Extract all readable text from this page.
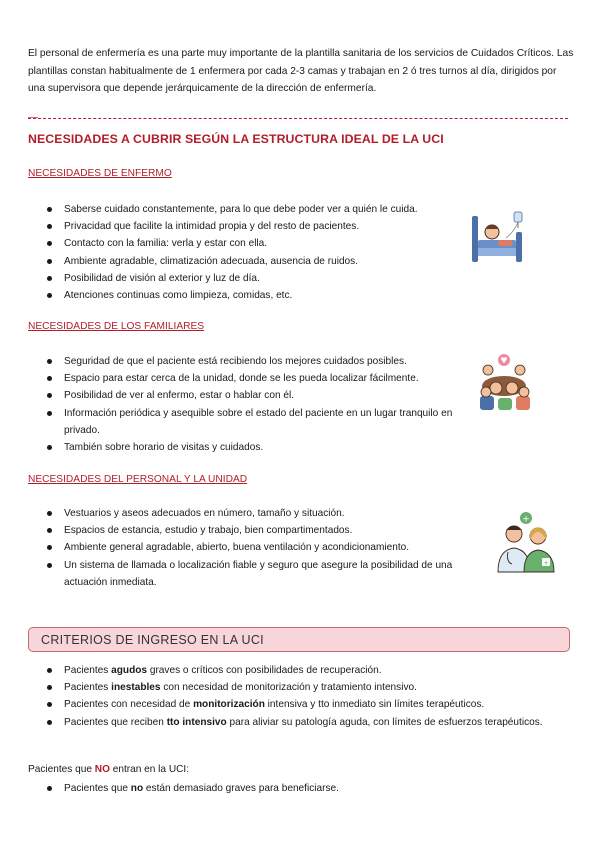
El personal de enfermería es una parte muy importante de la plantilla sanitaria de los servicios de Cuidados Críticos. Las plantillas constan habitualmente de 1 enfermera por cada 2-3 camas y trabajan en 2 ó tres turnos al día, dirigidos por una supervisora que depende jerárquicamente de la dirección de enfermería.

—
NECESIDADES A CUBRIR SEGÚN LA ESTRUCTURA IDEAL DE LA UCI
NECESIDADES DE ENFERMO
Saberse cuidado constantemente, para lo que debe poder ver a quién le cuida.
Privacidad que facilite la intimidad propia y del resto de pacientes.
Contacto con la familia: verla y estar con ella.
Ambiente agradable, climatización adecuada, ausencia de ruidos.
Posibilidad de visión al exterior y luz de día.
Atenciones continuas como limpieza, comidas, etc.
NECESIDADES DE LOS FAMILIARES
Seguridad de que el paciente está recibiendo los mejores cuidados posibles.
Espacio para estar cerca de la unidad, donde se les pueda localizar fácilmente.
Posibilidad de ver al enfermo, estar o hablar con él.
Información periódica y asequible sobre el estado del paciente en un lugar tranquilo en privado.
También sobre horario de visitas y cuidados.
♥
NECESIDADES DEL PERSONAL Y LA UNIDAD
Vestuarios y aseos adecuados en número, tamaño y situación.
Espacios de estancia, estudio y trabajo, bien compartimentados.
Ambiente general agradable, abierto, buena ventilación y acondicionamiento.
Un sistema de llamada o localización fiable y seguro que asegure la posibilidad de una actuación inmediata.
+
+
CRITERIOS DE INGRESO EN LA UCI
Pacientes agudos graves o críticos con posibilidades de recuperación.
Pacientes inestables con necesidad de monitorización y tratamiento intensivo.
Pacientes con necesidad de monitorización intensiva y tto inmediato sin límites terapéuticos.
Pacientes que reciben tto intensivo para aliviar su patología aguda, con límites de esfuerzos terapéuticos.

Pacientes que NO entran en la UCI:

Pacientes que no están demasiado graves para beneficiarse.
